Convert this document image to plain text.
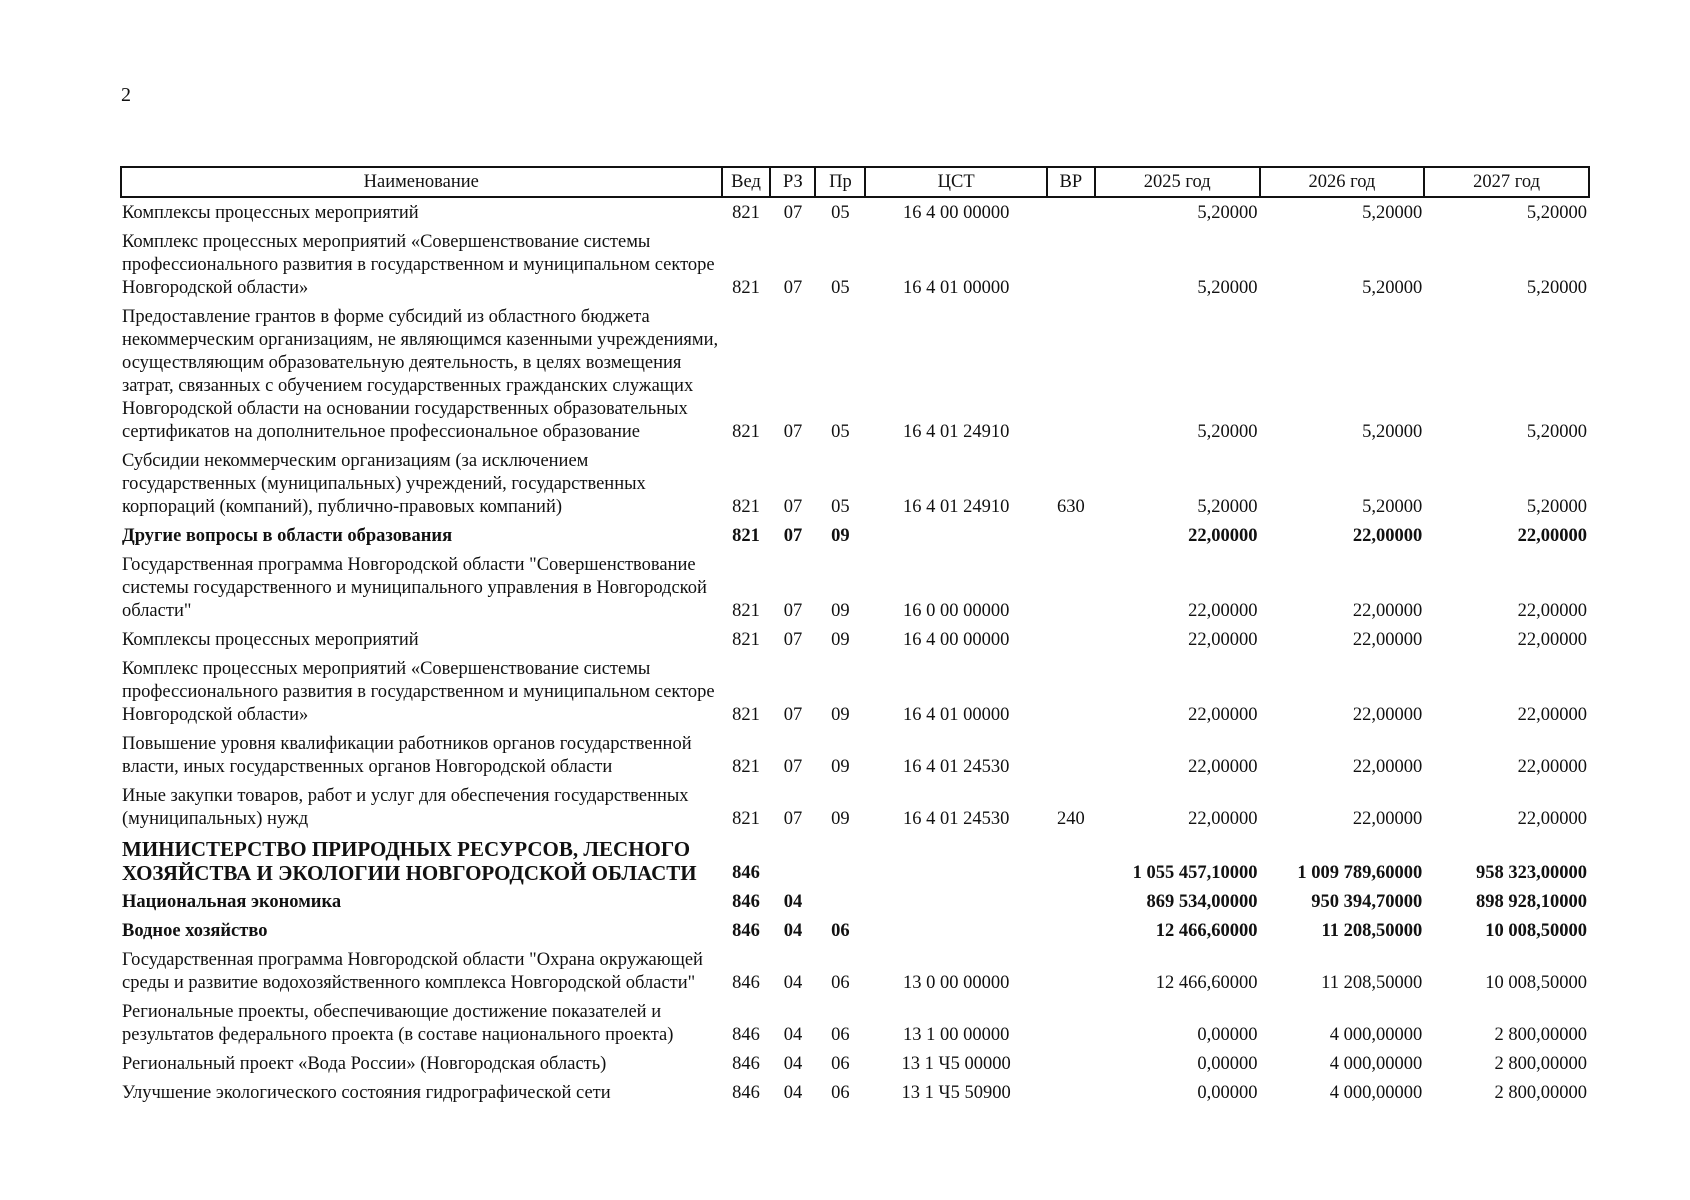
2
Наименование	Вед	РЗ	Пр	ЦСТ	ВР	2025 год	2026 год	2027 год
Комплексы процессных мероприятий	821	07	05	16 4 00 00000		5,20000	5,20000	5,20000
Комплекс процессных мероприятий «Совершенствование системы профессионального развития в государственном и муниципальном секторе Новгородской области»	821	07	05	16 4 01 00000		5,20000	5,20000	5,20000
Предоставление грантов в форме субсидий из областного бюджета некоммерческим организациям, не являющимся казенными учреждениями, осуществляющим образовательную деятельность, в целях возмещения затрат, связанных с обучением государственных гражданских служащих Новгородской области на основании государственных образовательных сертификатов на дополнительное профессиональное образование	821	07	05	16 4 01 24910		5,20000	5,20000	5,20000
Субсидии некоммерческим организациям (за исключением государственных (муниципальных) учреждений, государственных корпораций (компаний), публично-правовых компаний)	821	07	05	16 4 01 24910	630	5,20000	5,20000	5,20000
Другие вопросы в области образования	821	07	09			22,00000	22,00000	22,00000
Государственная программа Новгородской области "Совершенствование системы государственного и муниципального управления в Новгородской области"	821	07	09	16 0 00 00000		22,00000	22,00000	22,00000
Комплексы процессных мероприятий	821	07	09	16 4 00 00000		22,00000	22,00000	22,00000
Комплекс процессных мероприятий «Совершенствование системы профессионального развития в государственном и муниципальном секторе Новгородской области»	821	07	09	16 4 01 00000		22,00000	22,00000	22,00000
Повышение уровня квалификации работников органов государственной власти, иных государственных органов Новгородской области	821	07	09	16 4 01 24530		22,00000	22,00000	22,00000
Иные закупки товаров, работ и услуг для обеспечения государственных (муниципальных) нужд	821	07	09	16 4 01 24530	240	22,00000	22,00000	22,00000
МИНИСТЕРСТВО ПРИРОДНЫХ РЕСУРСОВ, ЛЕСНОГО ХОЗЯЙСТВА И ЭКОЛОГИИ НОВГОРОДСКОЙ ОБЛАСТИ	846					1 055 457,10000	1 009 789,60000	958 323,00000
Национальная экономика	846	04				869 534,00000	950 394,70000	898 928,10000
Водное хозяйство	846	04	06			12 466,60000	11 208,50000	10 008,50000
Государственная программа Новгородской области "Охрана окружающей среды и развитие водохозяйственного комплекса Новгородской области"	846	04	06	13 0 00 00000		12 466,60000	11 208,50000	10 008,50000
Региональные проекты, обеспечивающие достижение показателей и результатов федерального проекта (в составе национального проекта)	846	04	06	13 1 00 00000		0,00000	4 000,00000	2 800,00000
Региональный проект «Вода России» (Новгородская область)	846	04	06	13 1 Ч5 00000		0,00000	4 000,00000	2 800,00000
Улучшение экологического состояния гидрографической сети	846	04	06	13 1 Ч5 50900		0,00000	4 000,00000	2 800,00000
